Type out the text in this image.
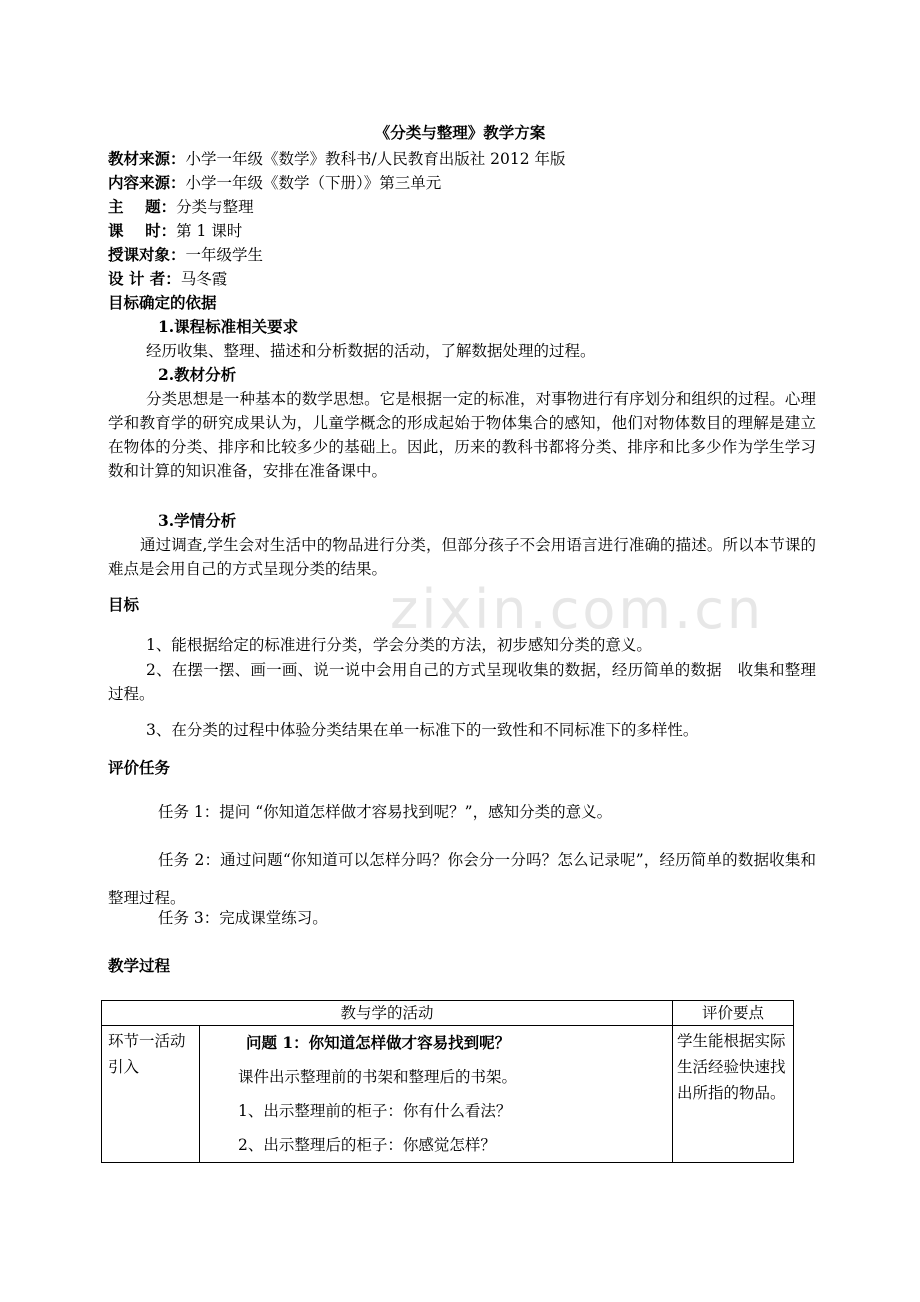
zixin.com.cn
《分类与整理》教学方案
教材来源：小学一年级《数学》教科书/人民教育出版社 2012 年版
内容来源：小学一年级《数学（下册）》第三单元
主    题：分类与整理
课    时：第 1 课时
授课对象：一年级学生
设 计 者：马冬霞
目标确定的依据
1.课程标准相关要求
经历收集、整理、描述和分析数据的活动，了解数据处理的过程。
2.教材分析
分类思想是一种基本的数学思想。它是根据一定的标准，对事物进行有序划分和组织的过程。心理学和教育学的研究成果认为，儿童学概念的形成起始于物体集合的感知，他们对物体数目的理解是建立在物体的分类、排序和比较多少的基础上。因此，历来的教科书都将分类、排序和比多少作为学生学习数和计算的知识准备，安排在准备课中。
3.学情分析
通过调查,学生会对生活中的物品进行分类，但部分孩子不会用语言进行准确的描述。所以本节课的难点是会用自己的方式呈现分类的结果。
目标
1、能根据给定的标准进行分类，学会分类的方法，初步感知分类的意义。
2、在摆一摆、画一画、说一说中会用自己的方式呈现收集的数据，经历简单的数据　收集和整理过程。
3、在分类的过程中体验分类结果在单一标准下的一致性和不同标准下的多样性。
评价任务
任务 1：提问 “你知道怎样做才容易找到呢？”，感知分类的意义。
任务 2：通过问题“你知道可以怎样分吗？你会分一分吗？怎么记录呢”，经历简单的数据收集和整理过程。
任务 3：完成课堂练习。
教学过程
教与学的活动		评价要点
环节一活动引入	问题 1：你知道怎样做才容易找到呢？

课件出示整理前的书架和整理后的书架。

1、出示整理前的柜子：你有什么看法？

2、出示整理后的柜子：你感觉怎样？	学生能根据实际生活经验快速找出所指的物品。
